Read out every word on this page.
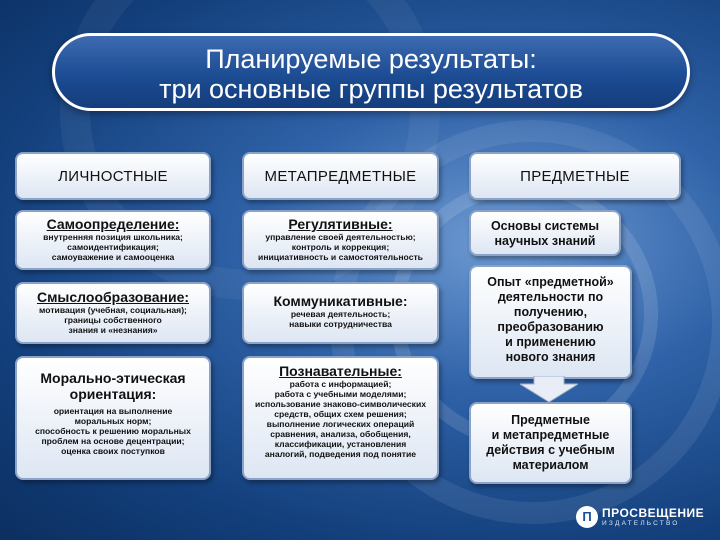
Планируемые результаты:
три основные группы результатов
ЛИЧНОСТНЫЕ	МЕТАПРЕДМЕТНЫЕ	ПРЕДМЕТНЫЕ
Самоопределение:
внутренняя позиция школьника;
самоидентификация;
самоуважение и самооценка
Смыслообразование:
мотивация (учебная, социальная);
границы собственного
знания и «незнания»
Морально-этическая ориентация:
ориентация на выполнение
моральных норм;
способность к решению моральных
проблем на основе децентрации;
оценка своих поступков
Регулятивные:
управление своей деятельностью;
контроль и коррекция;
инициативность и самостоятельность
Коммуникативные:
речевая деятельность;
навыки сотрудничества
Познавательные:
работа с информацией;
работа с учебными моделями;
использование знаково-символических
средств, общих схем решения;
выполнение логических операций
сравнения, анализа, обобщения,
классификации, установления
аналогий, подведения под понятие
Основы системы
научных знаний
Опыт «предметной»
деятельности по
получению,
преобразованию
и применению
нового знания
Предметные
и метапредметные
действия с учебным
материалом
П ПРОСВЕЩЕНИЕ
ИЗДАТЕЛЬСТВО
